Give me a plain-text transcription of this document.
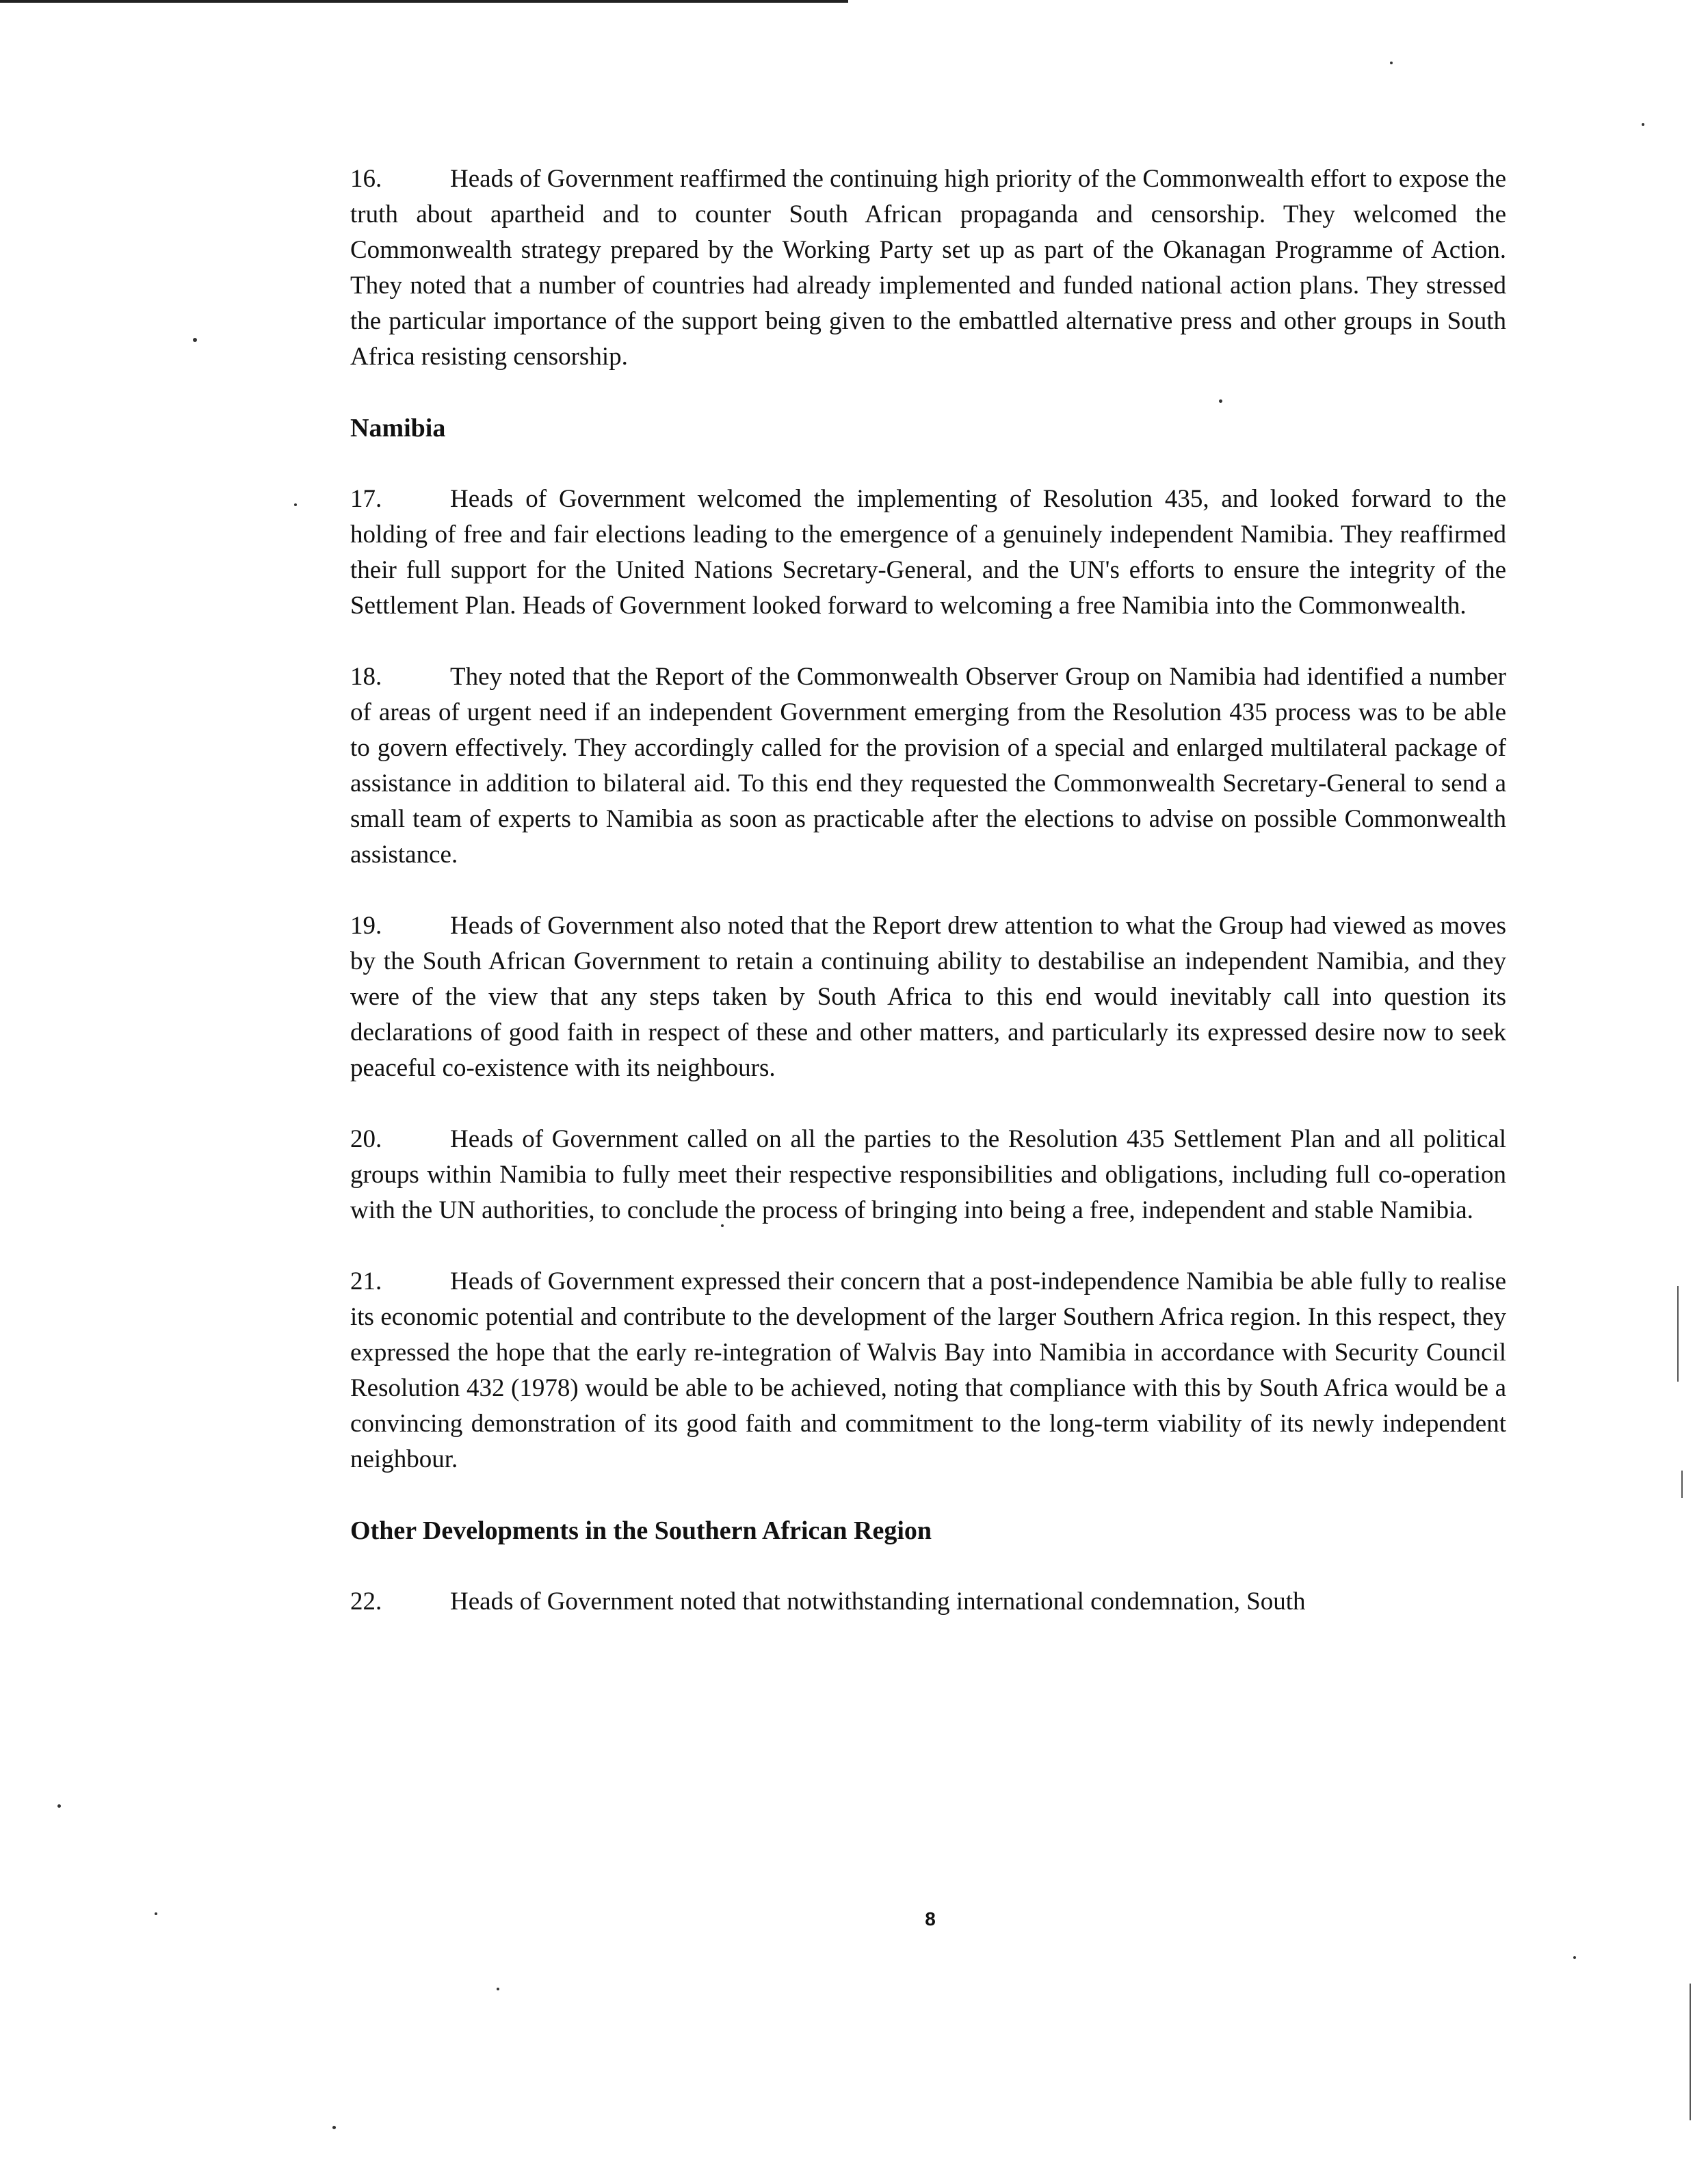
16.	Heads of Government reaffirmed the continuing high priority of the Commonwealth effort to expose the truth about apartheid and to counter South African propaganda and censorship. They welcomed the Commonwealth strategy prepared by the Working Party set up as part of the Okanagan Programme of Action. They noted that a number of countries had already implemented and funded national action plans. They stressed the particular importance of the support being given to the embattled alternative press and other groups in South Africa resisting censorship.

Namibia

17.	Heads of Government welcomed the implementing of Resolution 435, and looked forward to the holding of free and fair elections leading to the emergence of a genuinely independent Namibia. They reaffirmed their full support for the United Nations Secretary-General, and the UN's efforts to ensure the integrity of the Settlement Plan. Heads of Government looked forward to welcoming a free Namibia into the Commonwealth.

18.	They noted that the Report of the Commonwealth Observer Group on Namibia had identified a number of areas of urgent need if an independent Government emerging from the Resolution 435 process was to be able to govern effectively. They accordingly called for the provision of a special and enlarged multilateral package of assistance in addition to bilateral aid. To this end they requested the Commonwealth Secretary-General to send a small team of experts to Namibia as soon as practicable after the elections to advise on possible Commonwealth assistance.

19.	Heads of Government also noted that the Report drew attention to what the Group had viewed as moves by the South African Government to retain a continuing ability to destabilise an independent Namibia, and they were of the view that any steps taken by South Africa to this end would inevitably call into question its declarations of good faith in respect of these and other matters, and particularly its expressed desire now to seek peaceful co-existence with its neighbours.

20.	Heads of Government called on all the parties to the Resolution 435 Settlement Plan and all political groups within Namibia to fully meet their respective responsibilities and obligations, including full co-operation with the UN authorities, to conclude the process of bringing into being a free, independent and stable Namibia.

21.	Heads of Government expressed their concern that a post-independence Namibia be able fully to realise its economic potential and contribute to the development of the larger Southern Africa region. In this respect, they expressed the hope that the early re-integration of Walvis Bay into Namibia in accordance with Security Council Resolution 432 (1978) would be able to be achieved, noting that compliance with this by South Africa would be a convincing demonstration of its good faith and commitment to the long-term viability of its newly independent neighbour.

Other Developments in the Southern African Region

22.	Heads of Government noted that notwithstanding international condemnation, South

8
